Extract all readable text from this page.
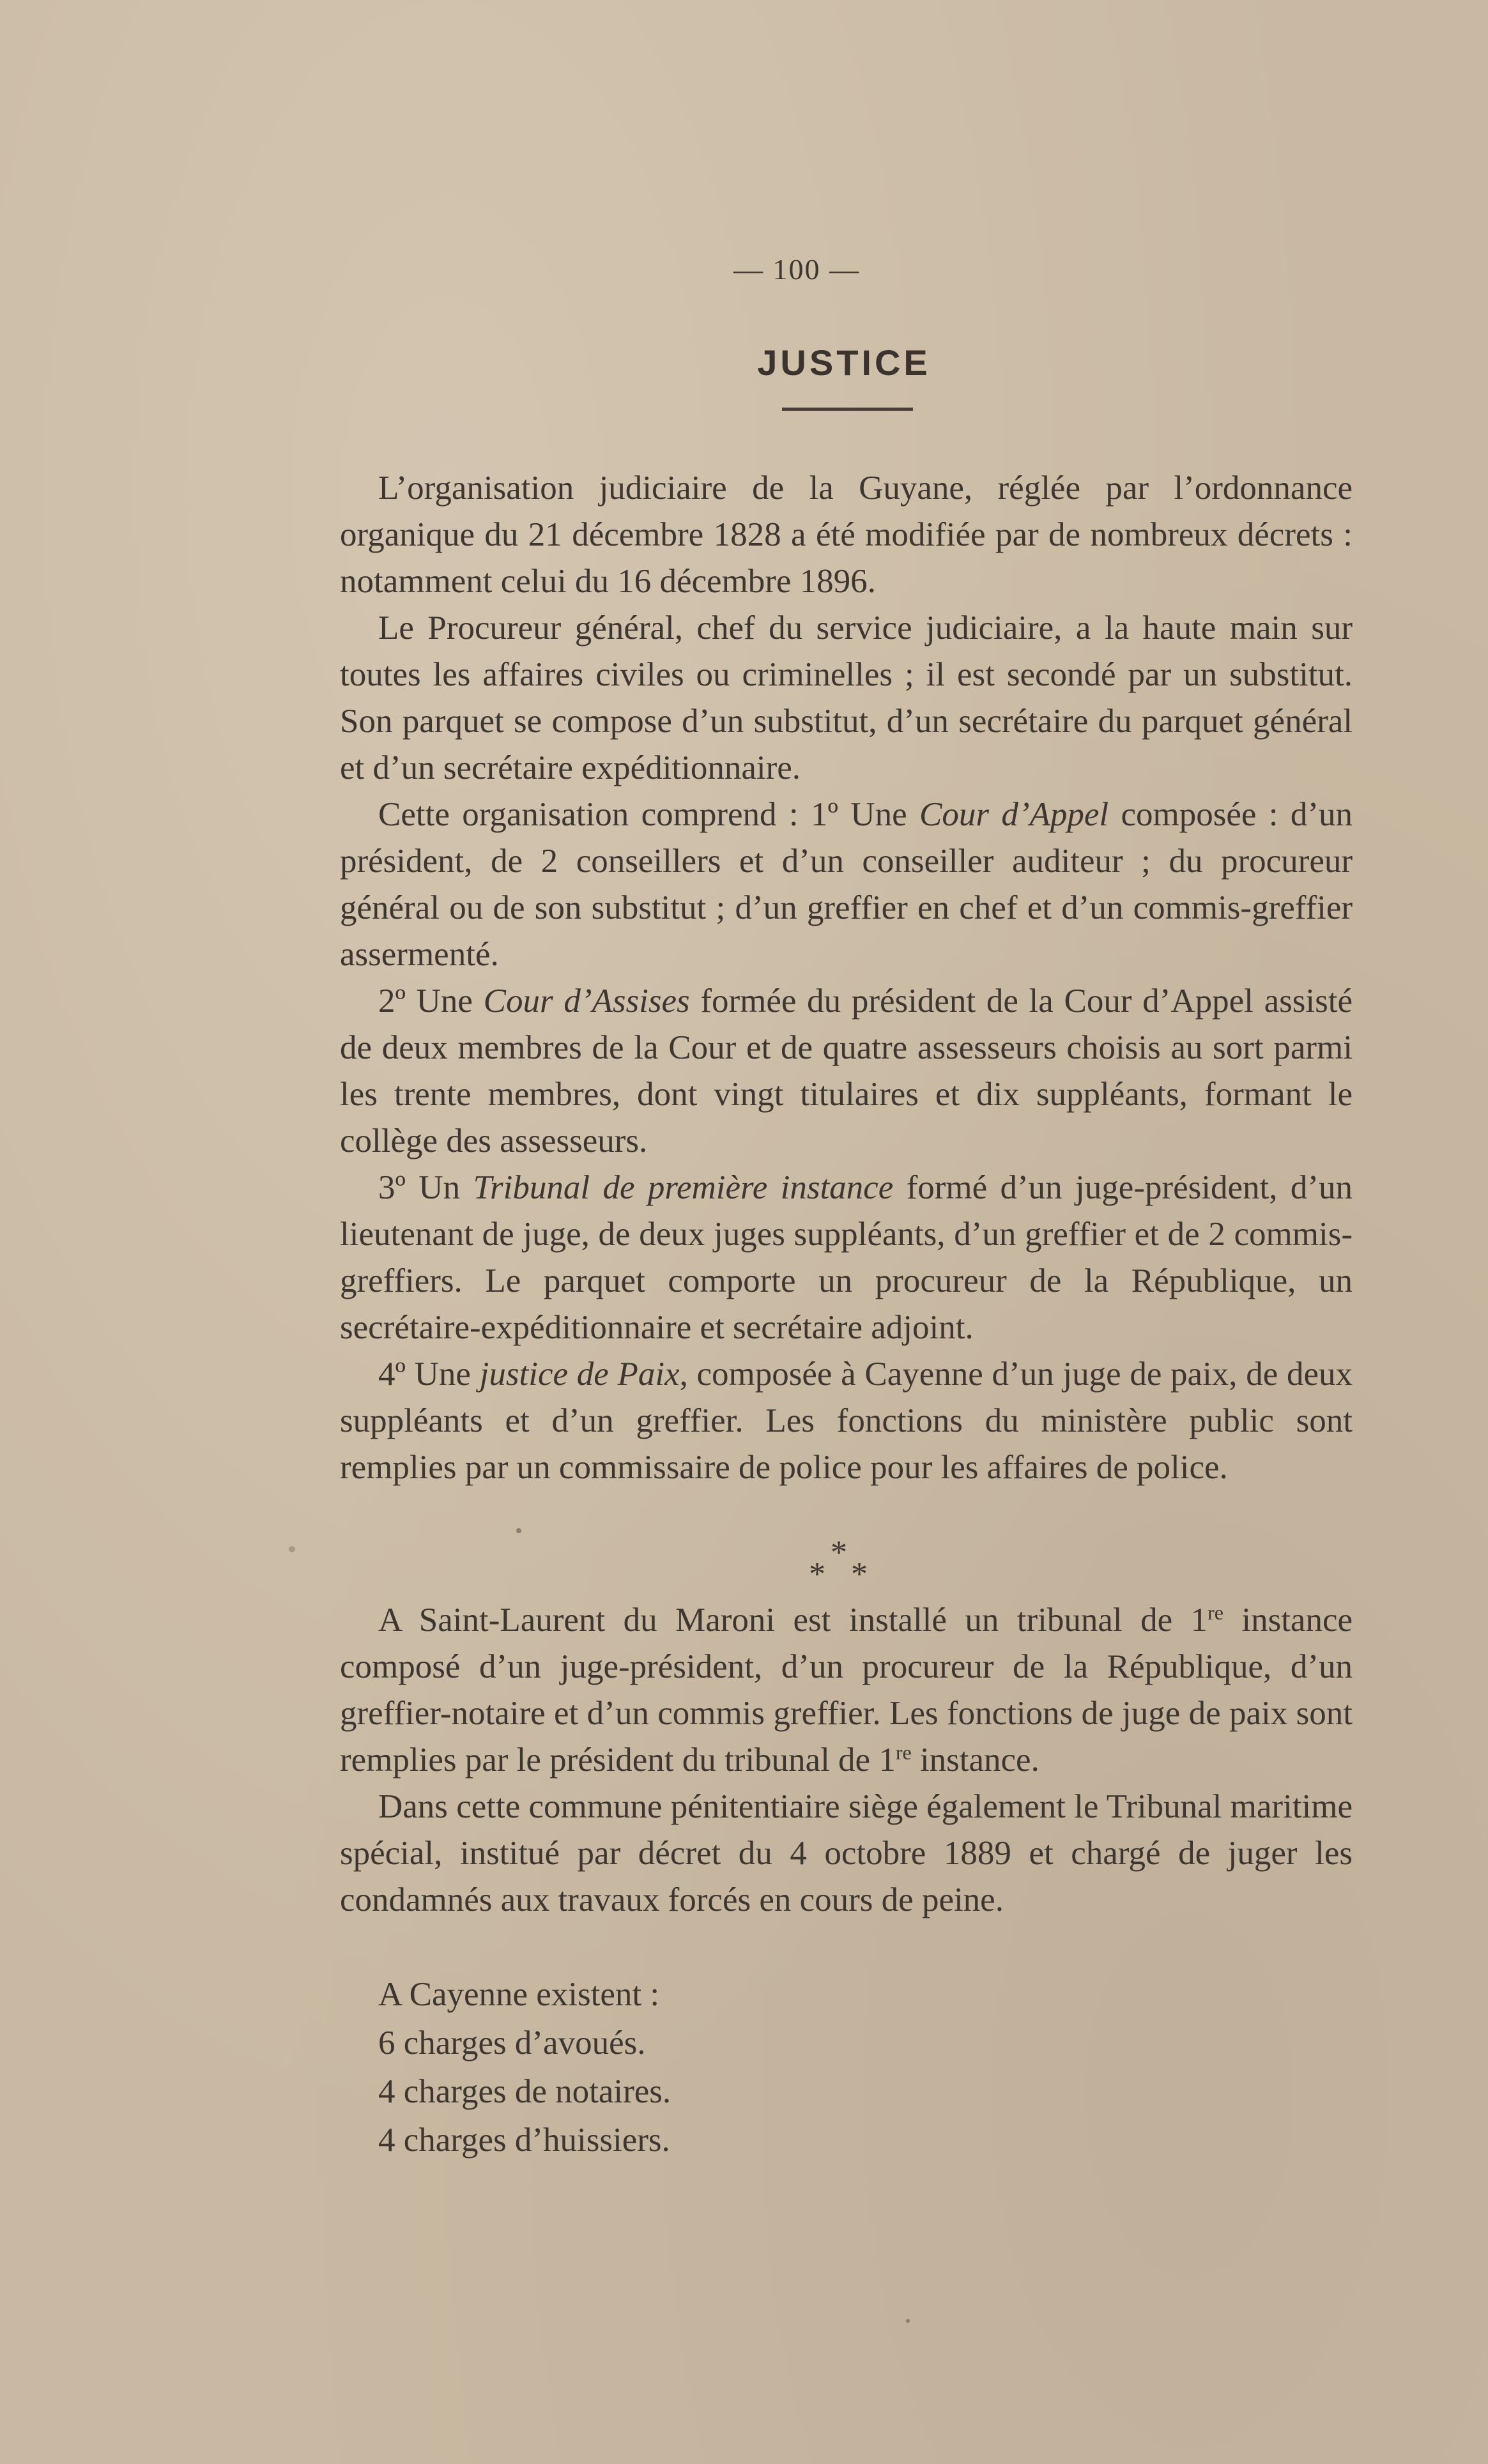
— 100 —
JUSTICE

L’organisation judiciaire de la Guyane, réglée par l’ordonnance organique du 21 décembre 1828 a été modifiée par de nombreux décrets : notamment celui du 16 décembre 1896.

Le Procureur général, chef du service judiciaire, a la haute main sur toutes les affaires civiles ou criminelles ; il est secondé par un substitut. Son parquet se compose d’un substitut, d’un secrétaire du parquet général et d’un secrétaire expéditionnaire.

Cette organisation comprend : 1º Une Cour d’Appel composée : d’un président, de 2 conseillers et d’un conseiller auditeur ; du procureur général ou de son substitut ; d’un greffier en chef et d’un commis-greffier assermenté.

2º Une Cour d’Assises formée du président de la Cour d’Appel assisté de deux membres de la Cour et de quatre assesseurs choisis au sort parmi les trente membres, dont vingt titulaires et dix suppléants, formant le collège des assesseurs.

3º Un Tribunal de première instance formé d’un juge-président, d’un lieutenant de juge, de deux juges suppléants, d’un greffier et de 2 commis-greffiers. Le parquet comporte un procureur de la République, un secrétaire-expéditionnaire et secrétaire adjoint.

4º Une justice de Paix, composée à Cayenne d’un juge de paix, de deux suppléants et d’un greffier. Les fonctions du ministère public sont remplies par un commissaire de police pour les affaires de police.

*
* *

A Saint-Laurent du Maroni est installé un tribunal de 1re instance composé d’un juge-président, d’un procureur de la République, d’un greffier-notaire et d’un commis greffier. Les fonctions de juge de paix sont remplies par le président du tribunal de 1re instance.

Dans cette commune pénitentiaire siège également le Tribunal maritime spécial, institué par décret du 4 octobre 1889 et chargé de juger les condamnés aux travaux forcés en cours de peine.

A Cayenne existent :
6 charges d’avoués.
4 charges de notaires.
4 charges d’huissiers.
